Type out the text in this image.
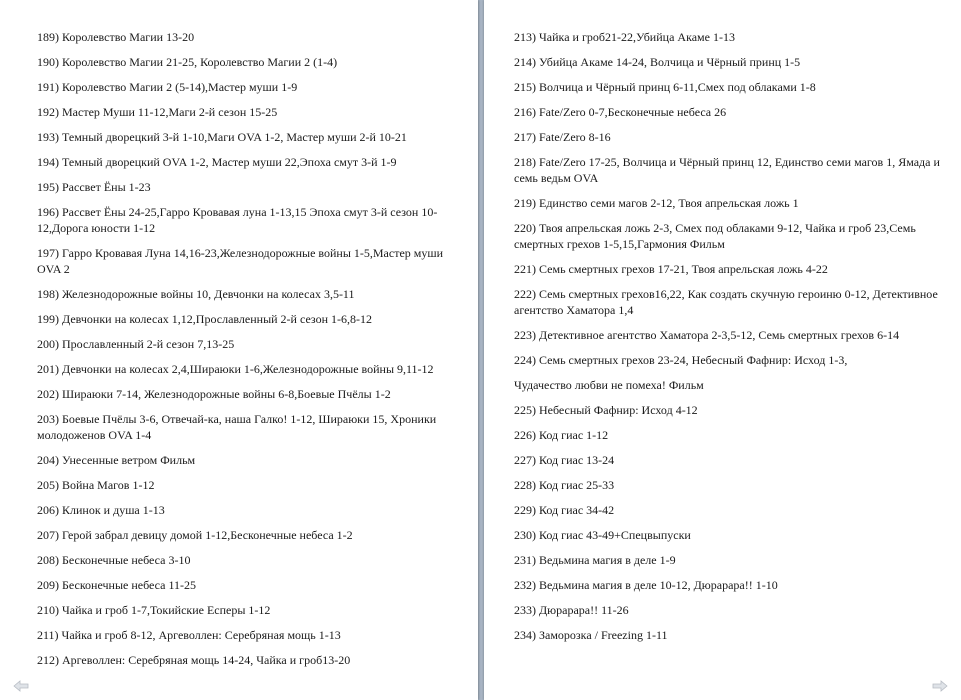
189) Королевство Магии 13-20
190) Королевство Магии 21-25, Королевство Магии 2 (1-4)
191) Королевство Магии 2 (5-14),Мастер муши 1-9
192) Мастер Муши 11-12,Маги 2-й сезон 15-25
193) Темный дворецкий 3-й 1-10,Маги OVA 1-2, Мастер муши 2-й 10-21
194) Темный дворецкий OVA 1-2, Мастер муши 22,Эпоха смут 3-й 1-9
195) Рассвет Ёны 1-23
196) Рассвет Ёны 24-25,Гарро Кровавая луна 1-13,15 Эпоха смут 3-й сезон 10-12,Дорога юности 1-12
197) Гарро Кровавая Луна 14,16-23,Железнодорожные войны 1-5,Мастер муши OVA 2
198) Железнодорожные войны 10, Девчонки на колесах 3,5-11
199) Девчонки на колесах 1,12,Прославленный 2-й сезон 1-6,8-12
200) Прославленный 2-й сезон 7,13-25
201) Девчонки на колесах 2,4,Шираюки 1-6,Железнодорожные войны 9,11-12
202) Шираюки 7-14, Железнодорожные войны 6-8,Боевые Пчёлы 1-2
203) Боевые Пчёлы 3-6, Отвечай-ка, наша Галко! 1-12, Шираюки 15, Хроники молодоженов OVA 1-4
204) Унесенные ветром Фильм
205) Война Магов 1-12
206) Клинок и душа 1-13
207) Герой забрал девицу домой 1-12,Бесконечные небеса 1-2
208) Бесконечные небеса 3-10
209) Бесконечные небеса 11-25
210) Чайка и гроб 1-7,Токийские Есперы 1-12
211) Чайка и гроб 8-12, Аргеволлен: Серебряная мощь 1-13
212) Аргеволлен: Серебряная мощь 14-24, Чайка и гроб13-20
213) Чайка и гроб21-22,Убийца Акаме 1-13
214) Убийца Акаме 14-24, Волчица и Чёрный принц 1-5
215) Волчица и Чёрный принц 6-11,Смех под облаками 1-8
216) Fate/Zero 0-7,Бесконечные небеса 26
217) Fate/Zero 8-16
218) Fate/Zero 17-25, Волчица и Чёрный принц 12, Единство семи магов 1, Ямада и семь ведьм OVA
219) Единство семи магов 2-12, Твоя апрельская ложь 1
220) Твоя апрельская ложь 2-3, Смех под облаками 9-12, Чайка и гроб 23,Семь смертных грехов 1-5,15,Гармония Фильм
221) Семь смертных грехов 17-21, Твоя апрельская ложь 4-22
222) Семь смертных грехов16,22, Как создать скучную героиню 0-12, Детективное агентство Хаматора 1,4
223) Детективное агентство Хаматора 2-3,5-12, Семь смертных грехов 6-14
224) Семь смертных грехов 23-24, Небесный Фафнир: Исход 1-3,
Чудачество любви не помеха! Фильм
225) Небесный Фафнир: Исход 4-12
226) Код гиас 1-12
227) Код гиас 13-24
228) Код гиас 25-33
229) Код гиас 34-42
230) Код гиас 43-49+Спецвыпуски
231) Ведьмина магия в деле 1-9
232) Ведьмина магия в деле 10-12, Дюрарара!! 1-10
233) Дюрарара!! 11-26
234) Заморозка / Freezing 1-11
